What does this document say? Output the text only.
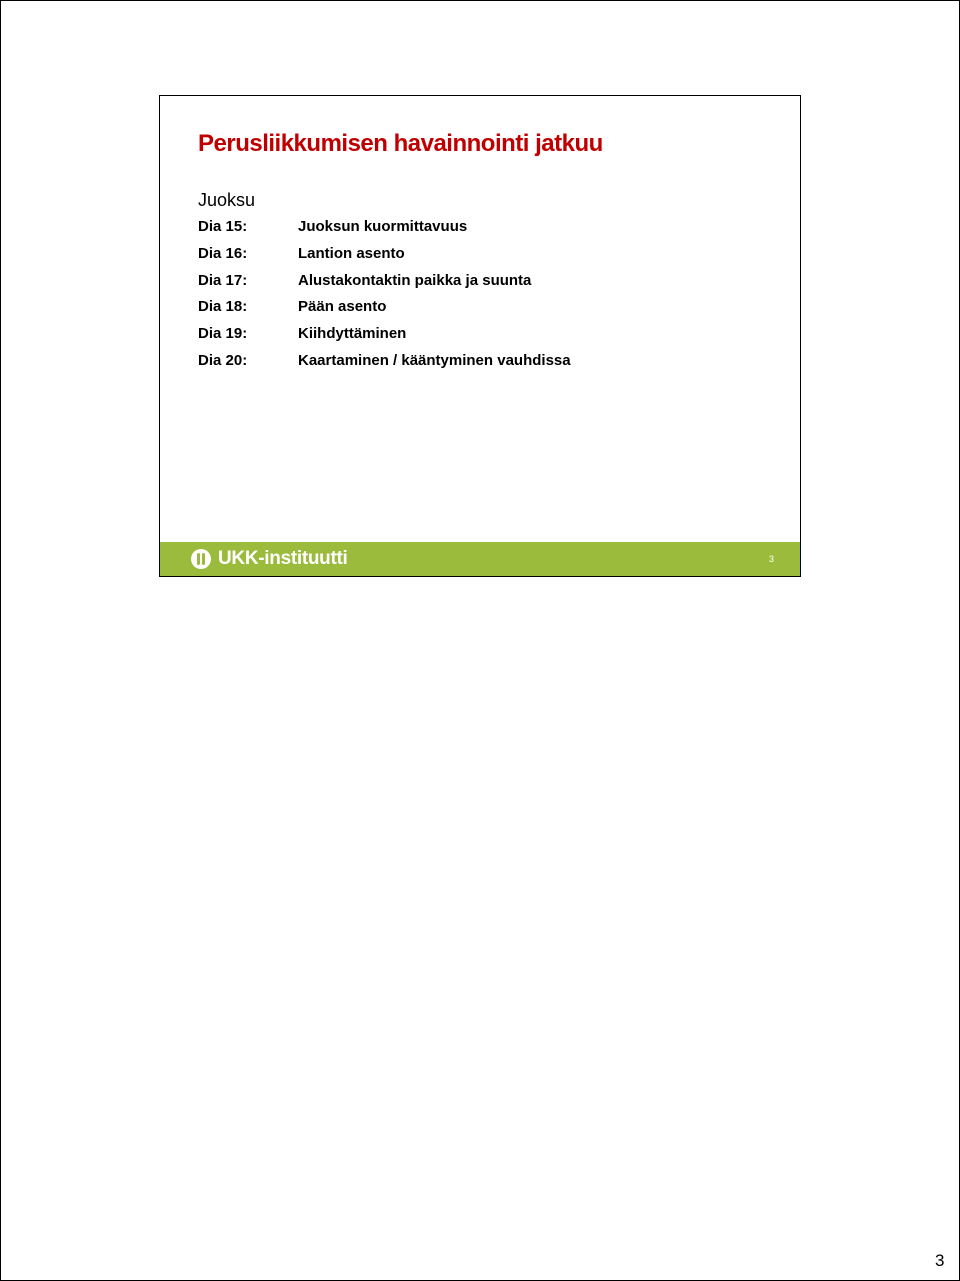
Perusliikkumisen havainnointi jatkuu
Juoksu
Dia 15:	Juoksun kuormittavuus
Dia 16:	Lantion asento
Dia 17:	Alustakontaktin paikka ja suunta
Dia 18:	Pään asento
Dia 19:	Kiihdyttäminen
Dia 20:	Kaartaminen / kääntyminen vauhdissa
UKK-instituutti	3
3
